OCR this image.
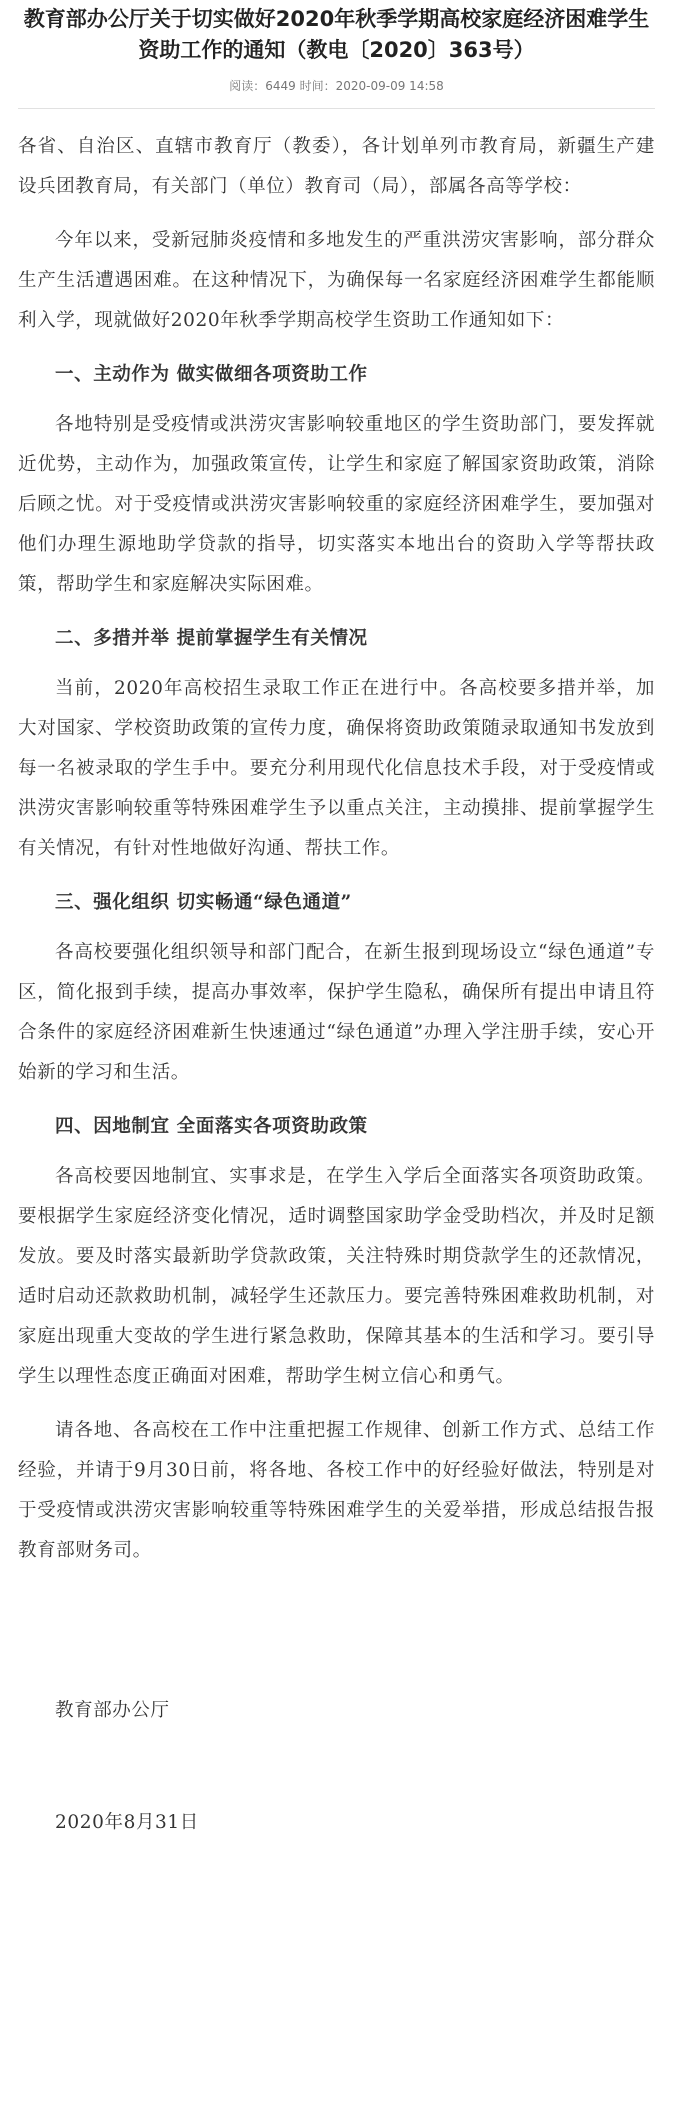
教育部办公厅关于切实做好2020年秋季学期高校家庭经济困难学生资助工作的通知（教电〔2020〕363号）
阅读：6449 时间：2020-09-09 14:58

各省、自治区、直辖市教育厅（教委），各计划单列市教育局，新疆生产建设兵团教育局，有关部门（单位）教育司（局），部属各高等学校：

今年以来，受新冠肺炎疫情和多地发生的严重洪涝灾害影响，部分群众生产生活遭遇困难。在这种情况下，为确保每一名家庭经济困难学生都能顺利入学，现就做好2020年秋季学期高校学生资助工作通知如下：

一、主动作为 做实做细各项资助工作

各地特别是受疫情或洪涝灾害影响较重地区的学生资助部门，要发挥就近优势，主动作为，加强政策宣传，让学生和家庭了解国家资助政策，消除后顾之忧。对于受疫情或洪涝灾害影响较重的家庭经济困难学生，要加强对他们办理生源地助学贷款的指导，切实落实本地出台的资助入学等帮扶政策，帮助学生和家庭解决实际困难。

二、多措并举 提前掌握学生有关情况

当前，2020年高校招生录取工作正在进行中。各高校要多措并举，加大对国家、学校资助政策的宣传力度，确保将资助政策随录取通知书发放到每一名被录取的学生手中。要充分利用现代化信息技术手段，对于受疫情或洪涝灾害影响较重等特殊困难学生予以重点关注，主动摸排、提前掌握学生有关情况，有针对性地做好沟通、帮扶工作。

三、强化组织 切实畅通“绿色通道”

各高校要强化组织领导和部门配合，在新生报到现场设立“绿色通道”专区，简化报到手续，提高办事效率，保护学生隐私，确保所有提出申请且符合条件的家庭经济困难新生快速通过“绿色通道”办理入学注册手续，安心开始新的学习和生活。

四、因地制宜 全面落实各项资助政策

各高校要因地制宜、实事求是，在学生入学后全面落实各项资助政策。要根据学生家庭经济变化情况，适时调整国家助学金受助档次，并及时足额发放。要及时落实最新助学贷款政策，关注特殊时期贷款学生的还款情况，适时启动还款救助机制，减轻学生还款压力。要完善特殊困难救助机制，对家庭出现重大变故的学生进行紧急救助，保障其基本的生活和学习。要引导学生以理性态度正确面对困难，帮助学生树立信心和勇气。

请各地、各高校在工作中注重把握工作规律、创新工作方式、总结工作经验，并请于9月30日前，将各地、各校工作中的好经验好做法，特别是对于受疫情或洪涝灾害影响较重等特殊困难学生的关爱举措，形成总结报告报教育部财务司。

教育部办公厅

2020年8月31日
